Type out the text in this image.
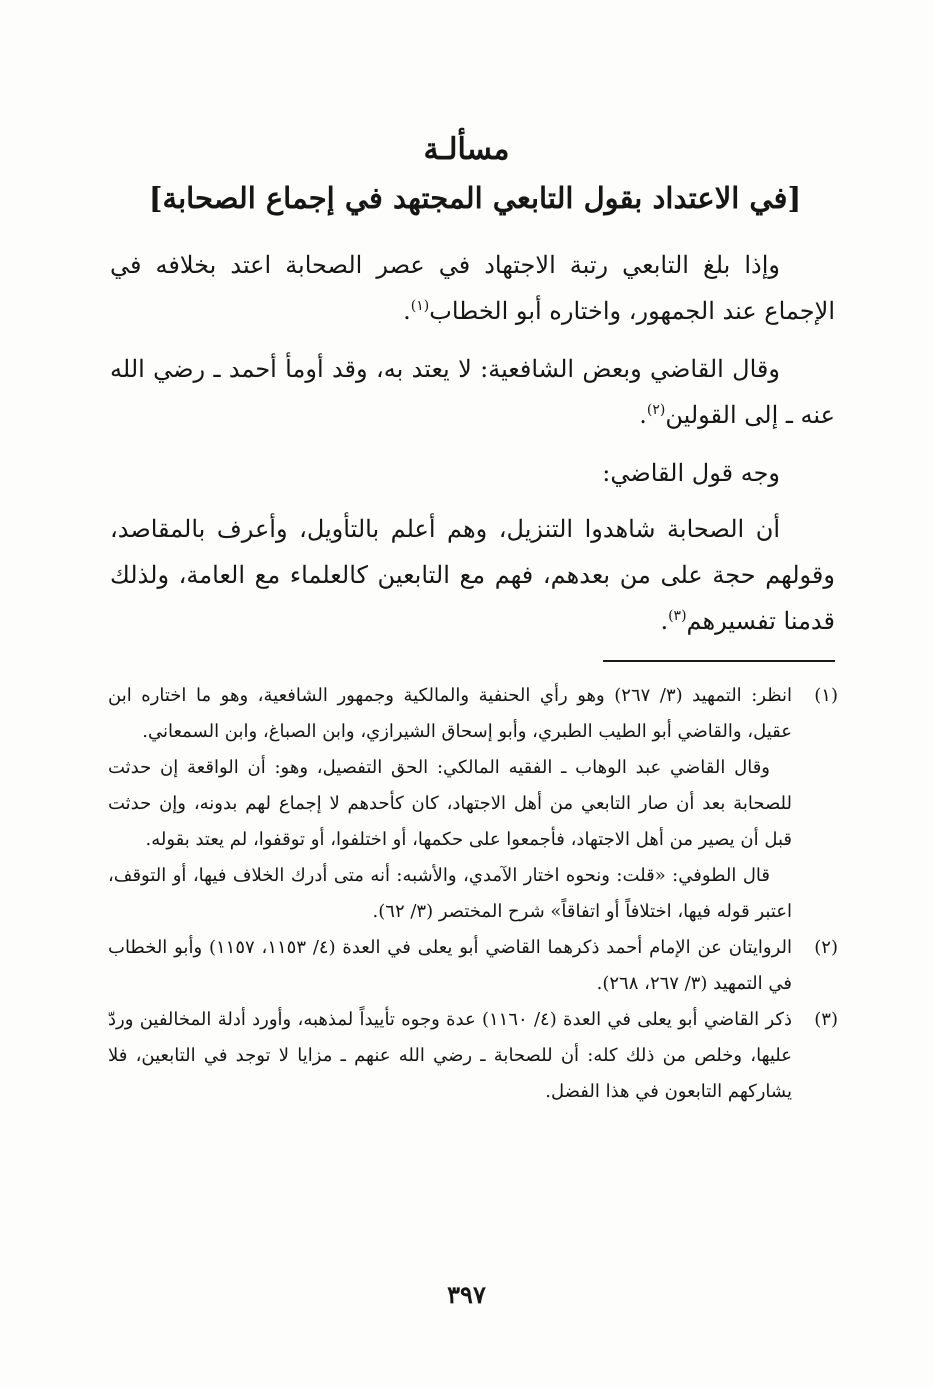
مسألـة
[في الاعتداد بقول التابعي المجتهد في إجماع الصحابة]
وإذا بلغ التابعي رتبة الاجتهاد في عصر الصحابة اعتد بخلافه في الإجماع عند الجمهور، واختاره أبو الخطاب$^{(١)}$.
وقال القاضي وبعض الشافعية: لا يعتد به، وقد أومأ أحمد ـ رضي الله عنه ـ إلى القولين$^{(٢)}$.
وجه قول القاضي:
أن الصحابة شاهدوا التنزيل، وهم أعلم بالتأويل، وأعرف بالمقاصد، وقولهم حجة على من بعدهم، فهم مع التابعين كالعلماء مع العامة، ولذلك قدمنا تفسيرهم$^{(٣)}$.
(١)

انظر: التمهيد (٣/ ٢٦٧) وهو رأي الحنفية والمالكية وجمهور الشافعية، وهو ما اختاره ابن عقيل، والقاضي أبو الطيب الطبري، وأبو إسحاق الشيرازي، وابن الصباغ، وابن السمعاني.

وقال القاضي عبد الوهاب ـ الفقيه المالكي: الحق التفصيل، وهو: أن الواقعة إن حدثت للصحابة بعد أن صار التابعي من أهل الاجتهاد، كان كأحدهم لا إجماع لهم بدونه، وإن حدثت قبل أن يصير من أهل الاجتهاد، فأجمعوا على حكمها، أو اختلفوا، أو توقفوا، لم يعتد بقوله.
قال الطوفي: «قلت: ونحوه اختار الآمدي، والأشبه: أنه متى أدرك الخلاف فيها، أو التوقف، اعتبر قوله فيها، اختلافاً أو اتفاقاً» شرح المختصر (٣/ ٦٢).
(٢)

الروايتان عن الإمام أحمد ذكرهما القاضي أبو يعلى في العدة (٤/ ١١٥٣، ١١٥٧) وأبو الخطاب في التمهيد (٣/ ٢٦٧، ٢٦٨).

(٣)

ذكر القاضي أبو يعلى في العدة (٤/ ١١٦٠) عدة وجوه تأييداً لمذهبه، وأورد أدلة المخالفين وردّ عليها، وخلص من ذلك كله: أن للصحابة ـ رضي الله عنهم ـ مزايا لا توجد في التابعين، فلا يشاركهم التابعون في هذا الفضل.

٣٩٧
